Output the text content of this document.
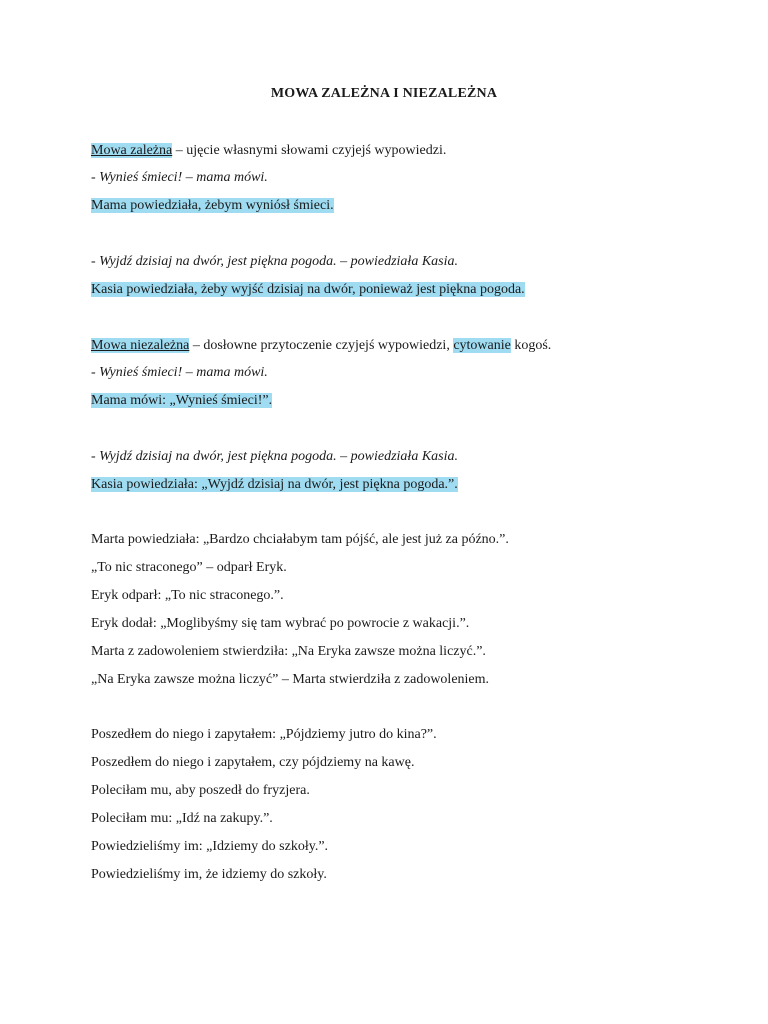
MOWA ZALEŻNA I NIEZALEŻNA
Mowa zależna – ujęcie własnymi słowami czyjejś wypowiedzi.
- Wynieś śmieci! – mama mówi.
Mama powiedziała, żebym wyniósł śmieci.
- Wyjdź dzisiaj na dwór, jest piękna pogoda. – powiedziała Kasia.
Kasia powiedziała, żeby wyjść dzisiaj na dwór, ponieważ jest piękna pogoda.
Mowa niezależna – dosłowne przytoczenie czyjejś wypowiedzi, cytowanie kogoś.
- Wynieś śmieci! – mama mówi.
Mama mówi: „Wynieś śmieci!”.
- Wyjdź dzisiaj na dwór, jest piękna pogoda. – powiedziała Kasia.
Kasia powiedziała: „Wyjdź dzisiaj na dwór, jest piękna pogoda.”.
Marta powiedziała: „Bardzo chciałabym tam pójść, ale jest już za późno.”.
„To nic straconego” – odparł Eryk.
Eryk odparł: „To nic straconego.”.
Eryk dodał: „Moglibyśmy się tam wybrać po powrocie z wakacji.”.
Marta z zadowoleniem stwierdziła: „Na Eryka zawsze można liczyć.”.
„Na Eryka zawsze można liczyć” – Marta stwierdziła z zadowoleniem.
Poszedłem do niego i zapytałem: „Pójdziemy jutro do kina?”.
Poszedłem do niego i zapytałem, czy pójdziemy na kawę.
Poleciłam mu, aby poszedł do fryzjera.
Poleciłam mu: „Idź na zakupy.”.
Powiedzieliśmy im: „Idziemy do szkoły.”.
Powiedzieliśmy im, że idziemy do szkoły.
